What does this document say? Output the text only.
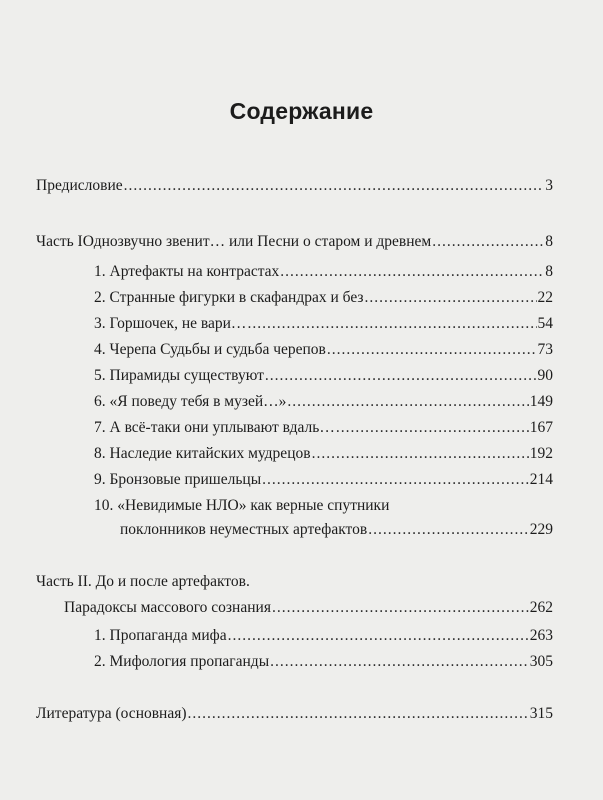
Содержание
Предисловие .....	3
Часть IОднозвучно звенит… или Песни о старом и древнем .....	8
1. Артефакты на контрастах .....	8
2. Странные фигурки в скафандрах и без .....	22
3. Горшочек, не вари… .....	54
4. Черепа Судьбы и судьба черепов .....	73
5. Пирамиды существуют .....	90
6. «Я поведу тебя в музей…» .....	149
7. А всё-таки они уплывают вдаль… .....	167
8. Наследие китайских мудрецов .....	192
9. Бронзовые пришельцы .....	214
10. «Невидимые НЛО» как верные спутники
поклонников неуместных артефактов .....	229
Часть II. До и после артефактов.
Парадоксы массового сознания .....	262
1. Пропаганда мифа .....	263
2. Мифология пропаганды .....	305
Литература (основная) .....	315
